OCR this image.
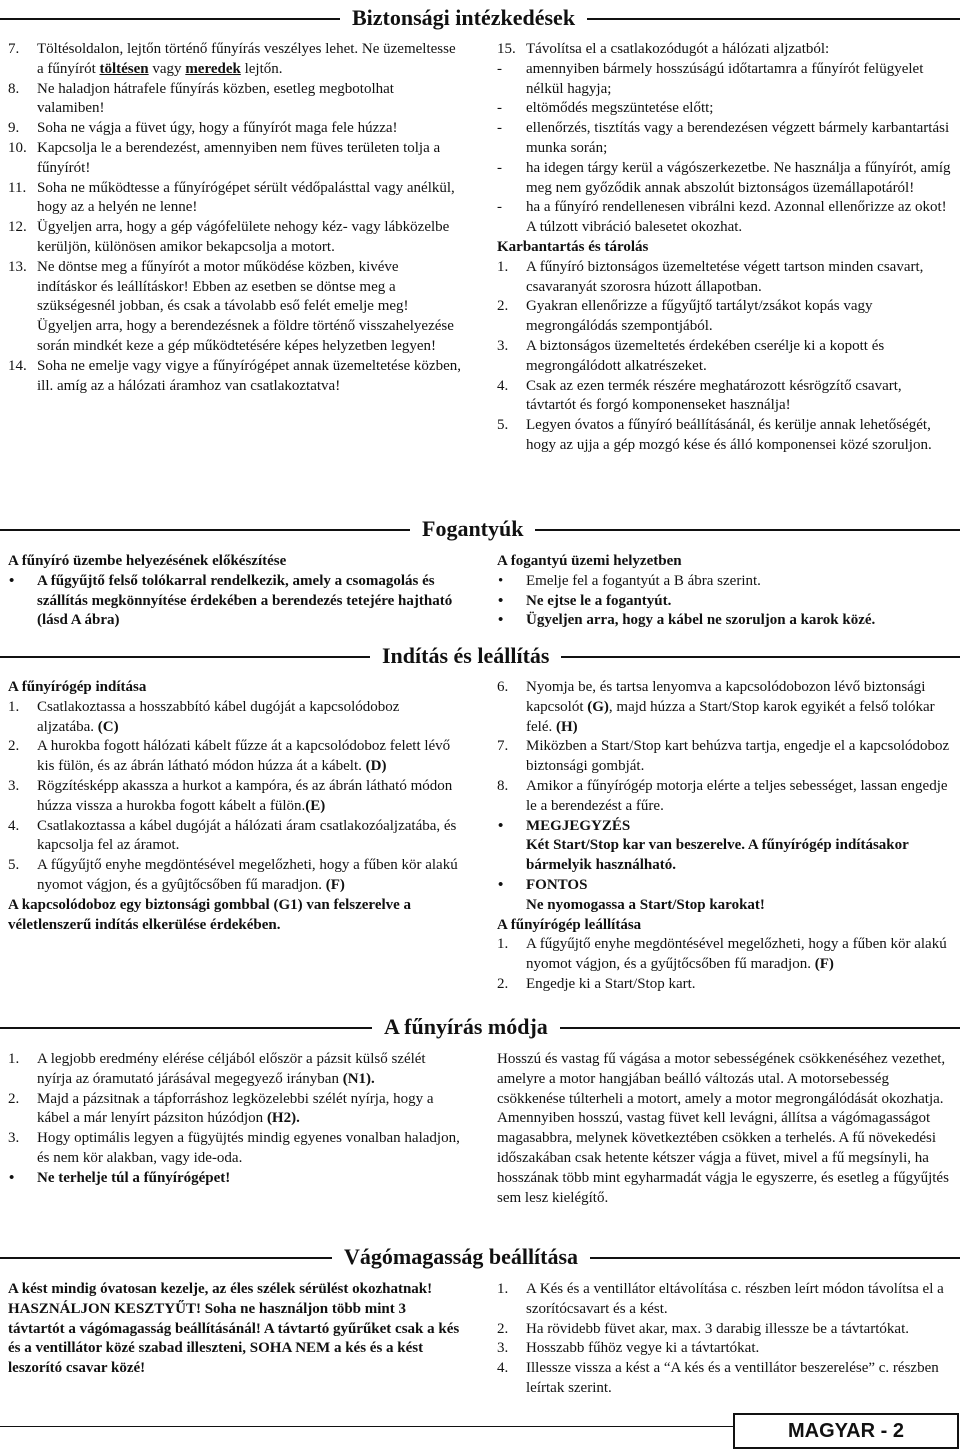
Biztonsági intézkedések
7. Töltésoldalon, lejtőn történő fűnyírás veszélyes lehet. Ne üzemeltesse a fűnyírót töltésen vagy meredek lejtőn.
8. Ne haladjon hátrafele fűnyírás közben, esetleg megbotolhat valamiben!
9. Soha ne vágja a füvet úgy, hogy a fűnyírót maga fele húzza!
10. Kapcsolja le a berendezést, amennyiben nem füves területen tolja a fűnyírót!
11. Soha ne működtesse a fűnyírógépet sérült védőpalásttal vagy anélkül, hogy az a helyén ne lenne!
12. Ügyeljen arra, hogy a gép vágófelülete nehogy kéz- vagy lábközelbe kerüljön, különösen amikor bekapcsolja a motort.
13. Ne döntse meg a fűnyírót a motor működése közben, kivéve indításkor és leállításkor! Ebben az esetben se döntse meg a szükségesnél jobban, és csak a távolabb eső felét emelje meg! Ügyeljen arra, hogy a berendezésnek a földre történő visszahelyezése során mindkét keze a gép működtetésére képes helyzetben legyen!
14. Soha ne emelje vagy vigye a fűnyírógépet annak üzemeltetése közben, ill. amíg az a hálózati áramhoz van csatlakoztatva!
15. Távolítsa el a csatlakozódugót a hálózati aljzatból:
- amennyiben bármely hosszúságú időtartamra a fűnyírót felügyelet nélkül hagyja;
- eltömődés megszüntetése előtt;
- ellenőrzés, tisztítás vagy a berendezésen végzett bármely karbantartási munka során;
- ha idegen tárgy kerül a vágószerkezetbe. Ne használja a fűnyírót, amíg meg nem győződik annak abszolút biztonságos üzemállapotáról!
- ha a fűnyíró rendellenesen vibrálni kezd. Azonnal ellenőrizze az okot! A túlzott vibráció balesetet okozhat.

Karbantartás és tárolás

1. A fűnyíró biztonságos üzemeltetése végett tartson minden csavart, csavaranyát szorosra húzott állapotban.
2. Gyakran ellenőrizze a fűgyűjtő tartályt/zsákot kopás vagy megrongálódás szempontjából.
3. A biztonságos üzemeltetés érdekében cserélje ki a kopott és megrongálódott alkatrészeket.
4. Csak az ezen termék részére meghatározott késrögzítő csavart, távtartót és forgó komponenseket használja!
5. Legyen óvatos a fűnyíró beállításánál, és kerülje annak lehetőségét, hogy az ujja a gép mozgó kése és álló komponensei közé szoruljon.
Fogantyúk

A fűnyíró üzembe helyezésének előkészítése

• A fűgyűjtő felső tolókarral rendelkezik, amely a csomagolás és szállítás megkönnyítése érdekében a berendezés tetejére hajtható (lásd A ábra)

A fogantyú üzemi helyzetben

• Emelje fel a fogantyút a B ábra szerint.
• Ne ejtse le a fogantyút.
• Ügyeljen arra, hogy a kábel ne szoruljon a karok közé.
Indítás és leállítás

A fűnyírógép indítása

1. Csatlakoztassa a hosszabbító kábel dugóját a kapcsolódoboz aljzatába. (C)
2. A hurokba fogott hálózati kábelt fűzze át a kapcsolódoboz felett lévő kis fülön, és az ábrán látható módon húzza át a kábelt. (D)
3. Rögzítésképp akassza a hurkot a kampóra, és az ábrán látható módon húzza vissza a hurokba fogott kábelt a fülön.(E)
4. Csatlakoztassa a kábel dugóját a hálózati áram csatlakozóaljzatába, és kapcsolja fel az áramot.
5. A fűgyűjtő enyhe megdöntésével megelőzheti, hogy a fűben kör alakú nyomot vágjon, és a gyûjtőcsőben fű maradjon. (F)

A kapcsolódoboz egy biztonsági gombbal (G1) van felszerelve a véletlenszerű indítás elkerülése érdekében.

6. Nyomja be, és tartsa lenyomva a kapcsolódobozon lévő biztonsági kapcsolót (G), majd húzza a Start/Stop karok egyikét a felső tolókar felé. (H)
7. Miközben a Start/Stop kart behúzva tartja, engedje el a kapcsolódoboz biztonsági gombját.
8. Amikor a fűnyírógép motorja elérte a teljes sebességet, lassan engedje le a berendezést a fűre.
• MEGJEGYZÉS
Két Start/Stop kar van beszerelve. A fűnyírógép indításakor bármelyik használható.
• FONTOS
Ne nyomogassa a Start/Stop karokat!

A fűnyírógép leállítása

1. A fűgyűjtő enyhe megdöntésével megelőzheti, hogy a fűben kör alakú nyomot vágjon, és a gyűjtőcsőben fű maradjon. (F)
2. Engedje ki a Start/Stop kart.
A fűnyírás módja
1. A legjobb eredmény elérése céljából először a pázsit külső szélét nyírja az óramutató járásával megegyező irányban (N1).
2. Majd a pázsitnak a tápforráshoz legközelebbi szélét nyírja, hogy a kábel a már lenyírt pázsiton húzódjon (H2).
3. Hogy optimális legyen a fügyüjtés mindig egyenes vonalban haladjon, és nem kör alakban, vagy ide-oda.
• Ne terhelje túl a fűnyírógépet!

Hosszú és vastag fű vágása a motor sebességének csökkenéséhez vezethet, amelyre a motor hangjában beálló változás utal. A motorsebesség csökkenése túlterheli a motort, amely a motor megrongálódását okozhatja. Amennyiben hosszú, vastag füvet kell levágni, állítsa a vágómagasságot magasabbra, melynek következtében csökken a terhelés. A fű növekedési időszakában csak hetente kétszer vágja a füvet, mivel a fű megsínyli, ha hosszának több mint egyharmadát vágja le egyszerre, és esetleg a fűgyűjtés sem lesz kielégítő.

Vágómagasság beállítása

A kést mindig óvatosan kezelje, az éles szélek sérülést okozhatnak! HASZNÁLJON KESZTYŰT! Soha ne használjon több mint 3 távtartót a vágómagasság beállításánál! A távtartó gyűrűket csak a kés és a ventillátor közé szabad illeszteni, SOHA NEM a kés és a kést leszorító csavar közé!

1. A Kés és a ventillátor eltávolítása c. részben leírt módon távolítsa el a szorítócsavart és a kést.
2. Ha rövidebb füvet akar, max. 3 darabig illessze be a távtartókat.
3. Hosszabb fűhöz vegye ki a távtartókat.
4. Illessze vissza a kést a “A kés és a ventillátor beszerelése” c. részben leírtak szerint.
MAGYAR - 2
